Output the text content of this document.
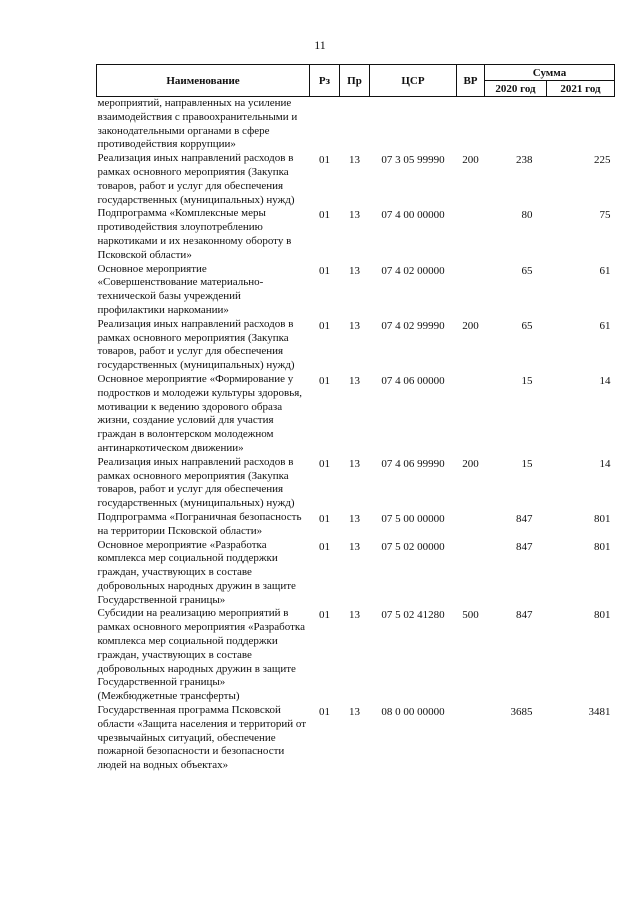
11
Наименование	Рз	Пр	ЦСР	ВР	Сумма	
					2020 год	2021 год
мероприятий, направленных на усиление взаимодействия с правоохранительными и законодательными органами в сфере противодействия коррупции»						
Реализация иных направлений расходов в рамках основного мероприятия (Закупка товаров, работ и услуг для обеспечения государственных (муниципальных) нужд)	01	13	07 3 05 99990	200	238	225
Подпрограмма «Комплексные меры противодействия злоупотреблению наркотиками и их незаконному обороту в Псковской области»	01	13	07 4 00 00000		80	75
Основное мероприятие «Совершенствование материально-технической базы учреждений профилактики наркомании»	01	13	07 4 02 00000		65	61
Реализация иных направлений расходов в рамках основного мероприятия (Закупка товаров, работ и услуг для обеспечения государственных (муниципальных) нужд)	01	13	07 4 02 99990	200	65	61
Основное мероприятие «Формирование у подростков и молодежи культуры здоровья, мотивации к ведению здорового образа жизни, создание условий для участия граждан в волонтерском молодежном антинаркотическом движении»	01	13	07 4 06 00000		15	14
Реализация иных направлений расходов в рамках основного мероприятия (Закупка товаров, работ и услуг для обеспечения государственных (муниципальных) нужд)	01	13	07 4 06 99990	200	15	14
Подпрограмма «Пограничная безопасность на территории Псковской области»	01	13	07 5 00 00000		847	801
Основное мероприятие «Разработка комплекса мер социальной поддержки граждан, участвующих в составе добровольных народных дружин в защите Государственной границы»	01	13	07 5 02 00000		847	801
Субсидии на реализацию мероприятий в рамках основного мероприятия «Разработка комплекса мер социальной поддержки граждан, участвующих в составе добровольных народных дружин в защите Государственной границы» (Межбюджетные трансферты)	01	13	07 5 02 41280	500	847	801
Государственная программа Псковской области «Защита населения и территорий от чрезвычайных ситуаций, обеспечение пожарной безопасности и безопасности людей на водных объектах»	01	13	08 0 00 00000		3685	3481
